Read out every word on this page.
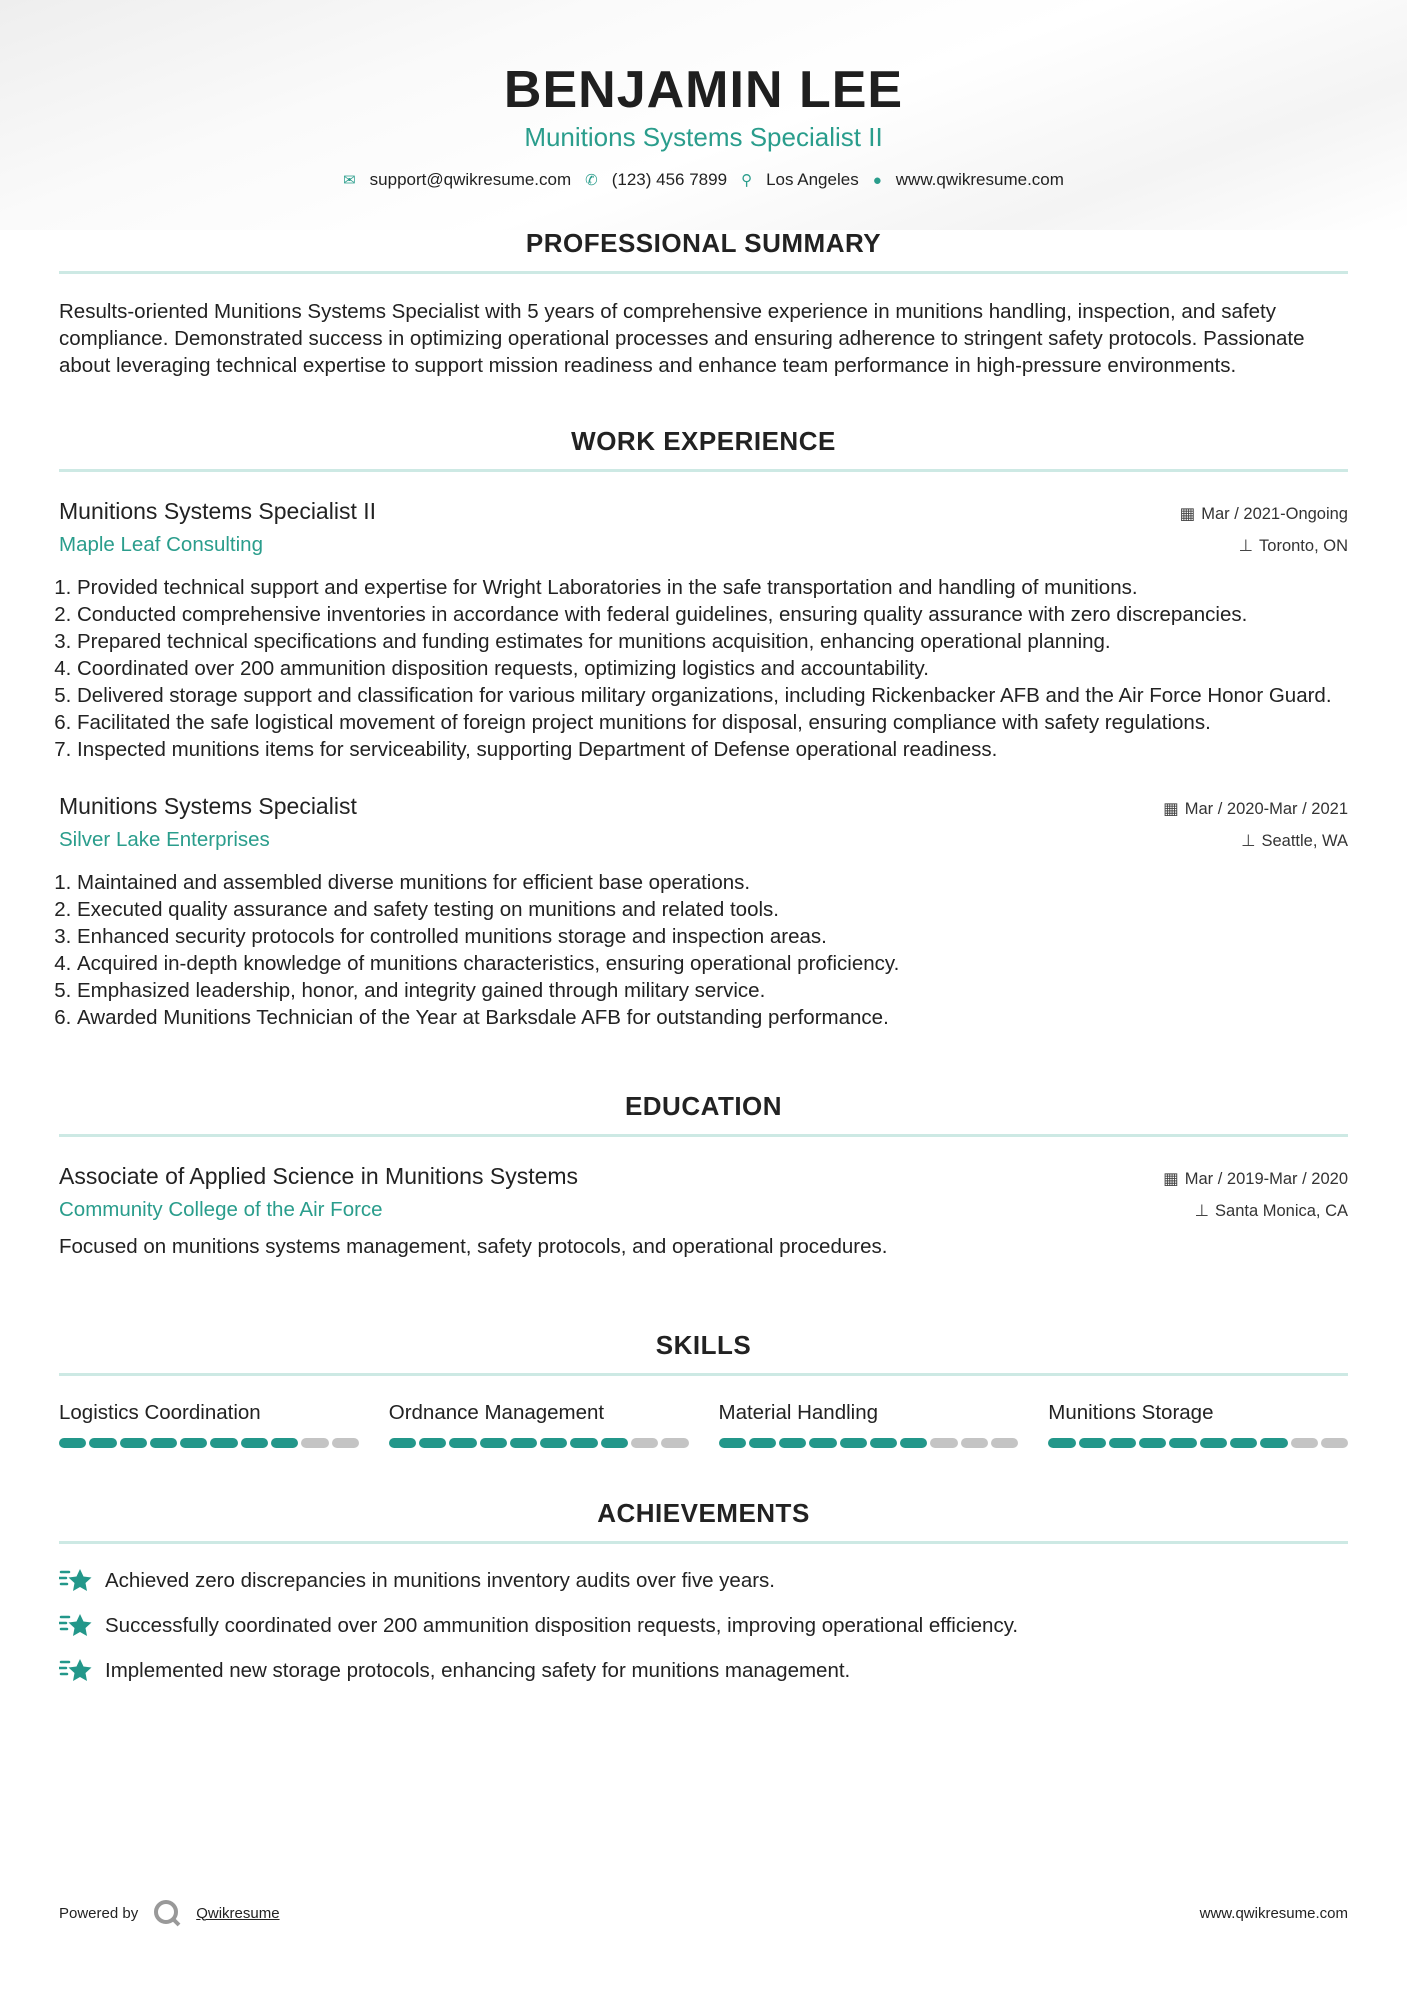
BENJAMIN LEE
Munitions Systems Specialist II
✉ support@qwikresume.com ✆ (123) 456 7899 ⚲ Los Angeles ● www.qwikresume.com
PROFESSIONAL SUMMARY

Results-oriented Munitions Systems Specialist with 5 years of comprehensive experience in munitions handling, inspection, and safety compliance. Demonstrated success in optimizing operational processes and ensuring adherence to stringent safety protocols. Passionate about leveraging technical expertise to support mission readiness and enhance team performance in high-pressure environments.

WORK EXPERIENCE
Munitions Systems Specialist II	▦ Mar / 2021-Ongoing
Maple Leaf Consulting	⊥ Toronto, ON
1. Provided technical support and expertise for Wright Laboratories in the safe transportation and handling of munitions.
2. Conducted comprehensive inventories in accordance with federal guidelines, ensuring quality assurance with zero discrepancies.
3. Prepared technical specifications and funding estimates for munitions acquisition, enhancing operational planning.
4. Coordinated over 200 ammunition disposition requests, optimizing logistics and accountability.
5. Delivered storage support and classification for various military organizations, including Rickenbacker AFB and the Air Force Honor Guard.
6. Facilitated the safe logistical movement of foreign project munitions for disposal, ensuring compliance with safety regulations.
7. Inspected munitions items for serviceability, supporting Department of Defense operational readiness.
Munitions Systems Specialist	▦ Mar / 2020-Mar / 2021
Silver Lake Enterprises	⊥ Seattle, WA
1. Maintained and assembled diverse munitions for efficient base operations.
2. Executed quality assurance and safety testing on munitions and related tools.
3. Enhanced security protocols for controlled munitions storage and inspection areas.
4. Acquired in-depth knowledge of munitions characteristics, ensuring operational proficiency.
5. Emphasized leadership, honor, and integrity gained through military service.
6. Awarded Munitions Technician of the Year at Barksdale AFB for outstanding performance.
EDUCATION
Associate of Applied Science in Munitions Systems	▦ Mar / 2019-Mar / 2020
Community College of the Air Force	⊥ Santa Monica, CA

Focused on munitions systems management, safety protocols, and operational procedures.

SKILLS
Logistics Coordination	Ordnance Management	Material Handling	Munitions Storage
ACHIEVEMENTS
Achieved zero discrepancies in munitions inventory audits over five years.
Successfully coordinated over 200 ammunition disposition requests, improving operational efficiency.
Implemented new storage protocols, enhancing safety for munitions management.
Powered by	Qwikresume	www.qwikresume.com
